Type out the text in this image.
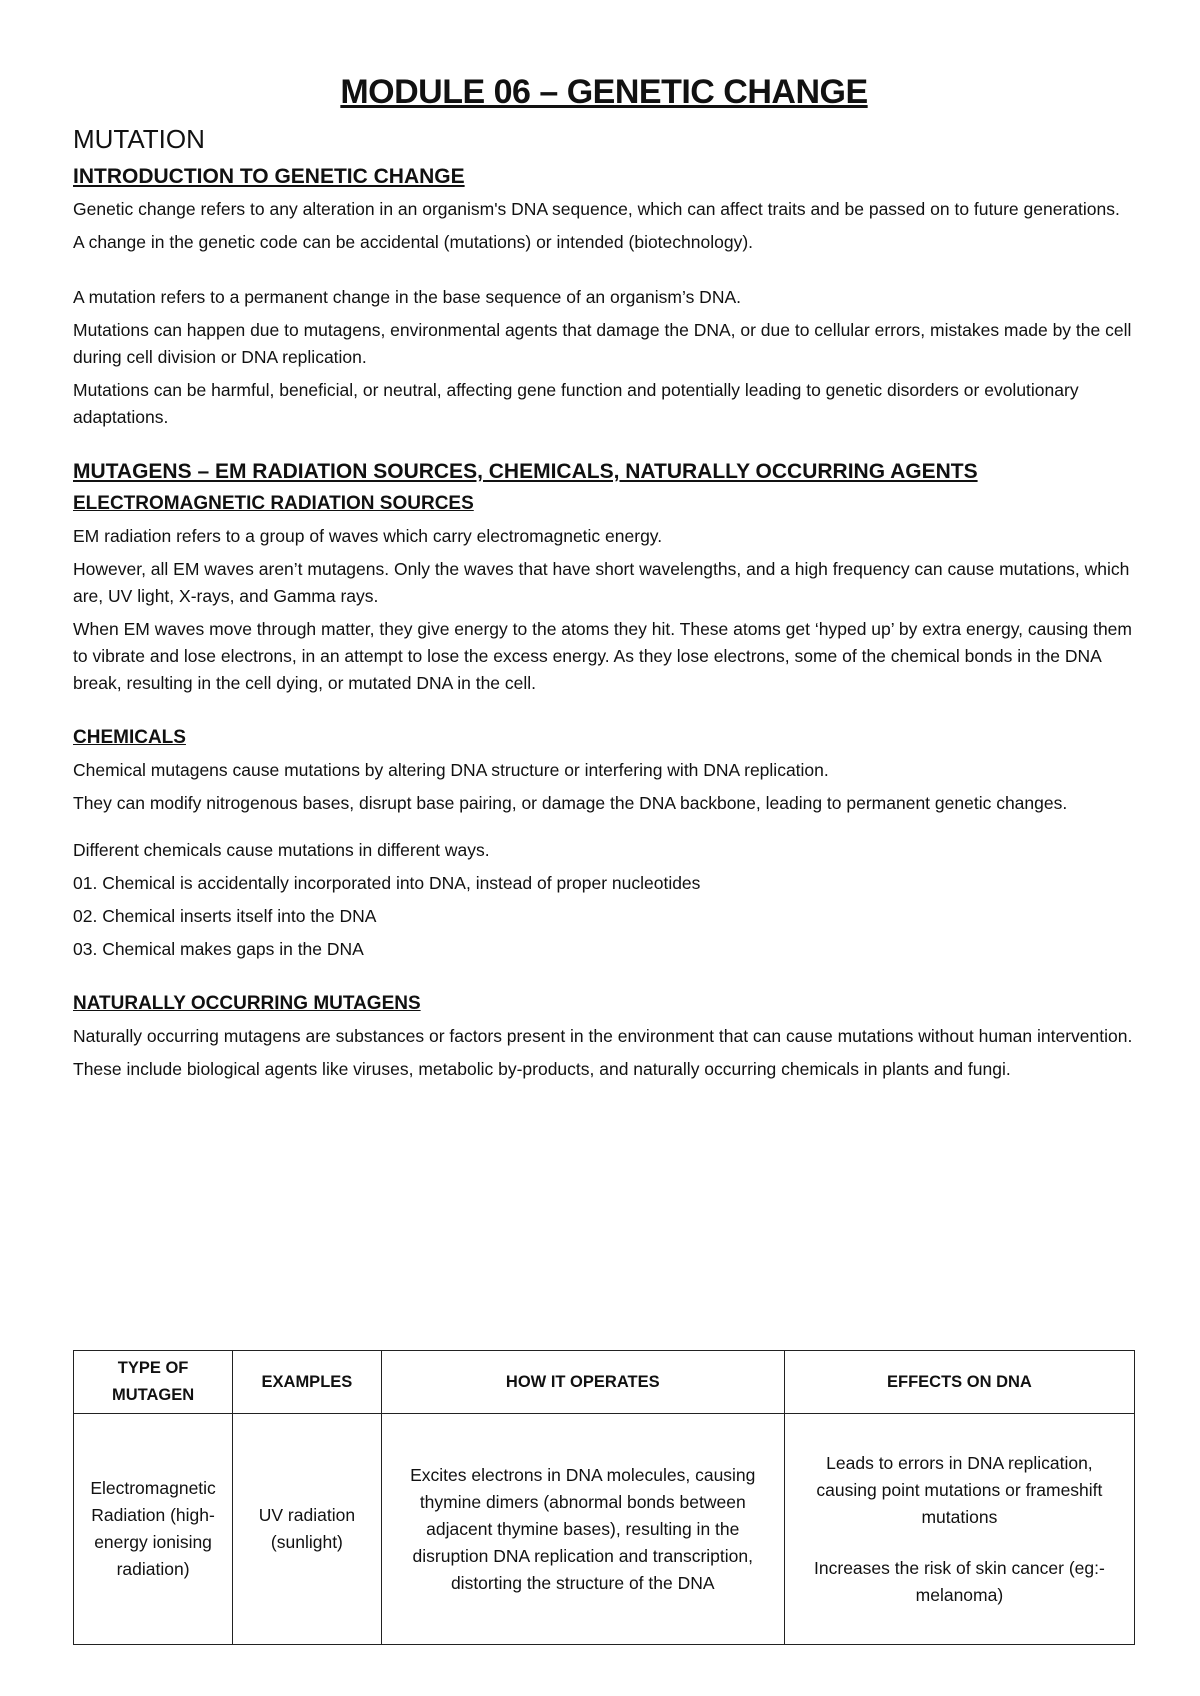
MODULE 06 – GENETIC CHANGE
MUTATION
INTRODUCTION TO GENETIC CHANGE

Genetic change refers to any alteration in an organism's DNA sequence, which can affect traits and be passed on to future generations.

A change in the genetic code can be accidental (mutations) or intended (biotechnology).

A mutation refers to a permanent change in the base sequence of an organism’s DNA.

Mutations can happen due to mutagens, environmental agents that damage the DNA, or due to cellular errors, mistakes made by the cell during cell division or DNA replication.

Mutations can be harmful, beneficial, or neutral, affecting gene function and potentially leading to genetic disorders or evolutionary adaptations.

MUTAGENS – EM RADIATION SOURCES, CHEMICALS, NATURALLY OCCURRING AGENTS
ELECTROMAGNETIC RADIATION SOURCES

EM radiation refers to a group of waves which carry electromagnetic energy.

However, all EM waves aren’t mutagens. Only the waves that have short wavelengths, and a high frequency can cause mutations, which are, UV light, X-rays, and Gamma rays.

When EM waves move through matter, they give energy to the atoms they hit. These atoms get ‘hyped up’ by extra energy, causing them to vibrate and lose electrons, in an attempt to lose the excess energy. As they lose electrons, some of the chemical bonds in the DNA break, resulting in the cell dying, or mutated DNA in the cell.

CHEMICALS

Chemical mutagens cause mutations by altering DNA structure or interfering with DNA replication.

They can modify nitrogenous bases, disrupt base pairing, or damage the DNA backbone, leading to permanent genetic changes.

Different chemicals cause mutations in different ways.

01. Chemical is accidentally incorporated into DNA, instead of proper nucleotides

02. Chemical inserts itself into the DNA

03. Chemical makes gaps in the DNA

NATURALLY OCCURRING MUTAGENS

Naturally occurring mutagens are substances or factors present in the environment that can cause mutations without human intervention.

These include biological agents like viruses, metabolic by-products, and naturally occurring chemicals in plants and fungi.

TYPE OF MUTAGEN	EXAMPLES	HOW IT OPERATES	EFFECTS ON DNA
Electromagnetic Radiation (high-energy ionising radiation)	UV radiation (sunlight)	Excites electrons in DNA molecules, causing thymine dimers (abnormal bonds between adjacent thymine bases), resulting in the disruption DNA replication and transcription, distorting the structure of the DNA	Leads to errors in DNA replication, causing point mutations or frameshift mutations
Increases the risk of skin cancer (eg:- melanoma)
